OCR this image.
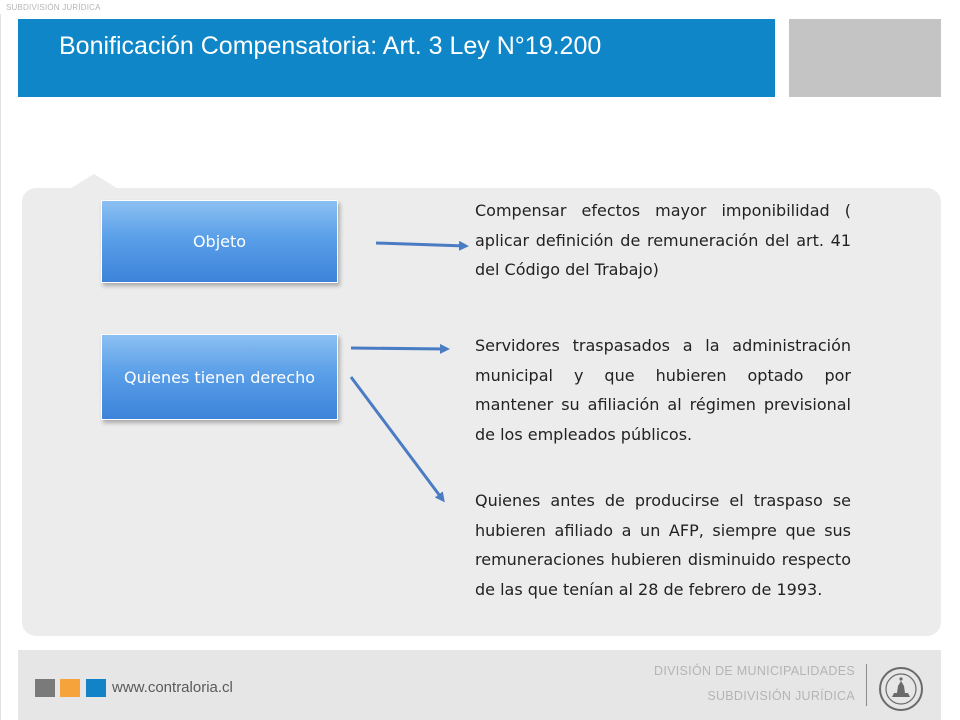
SUBDIVISIÓN JURÍDICA
Bonificación Compensatoria: Art. 3 Ley N°19.200
Objeto
Quienes tienen derecho
Compensar efectos mayor imponibilidad ( aplicar definición de remuneración del art. 41 del Código del Trabajo)
Servidores traspasados a la administración municipal y que hubieren optado por mantener su afiliación al régimen previsional de los empleados públicos.
Quienes antes de producirse el traspaso se hubieren afiliado a un AFP, siempre que sus remuneraciones hubieren disminuido respecto de las que tenían al 28 de febrero de 1993.
www.contraloria.cl
DIVISIÓN DE MUNICIPALIDADES
SUBDIVISIÓN JURÍDICA
